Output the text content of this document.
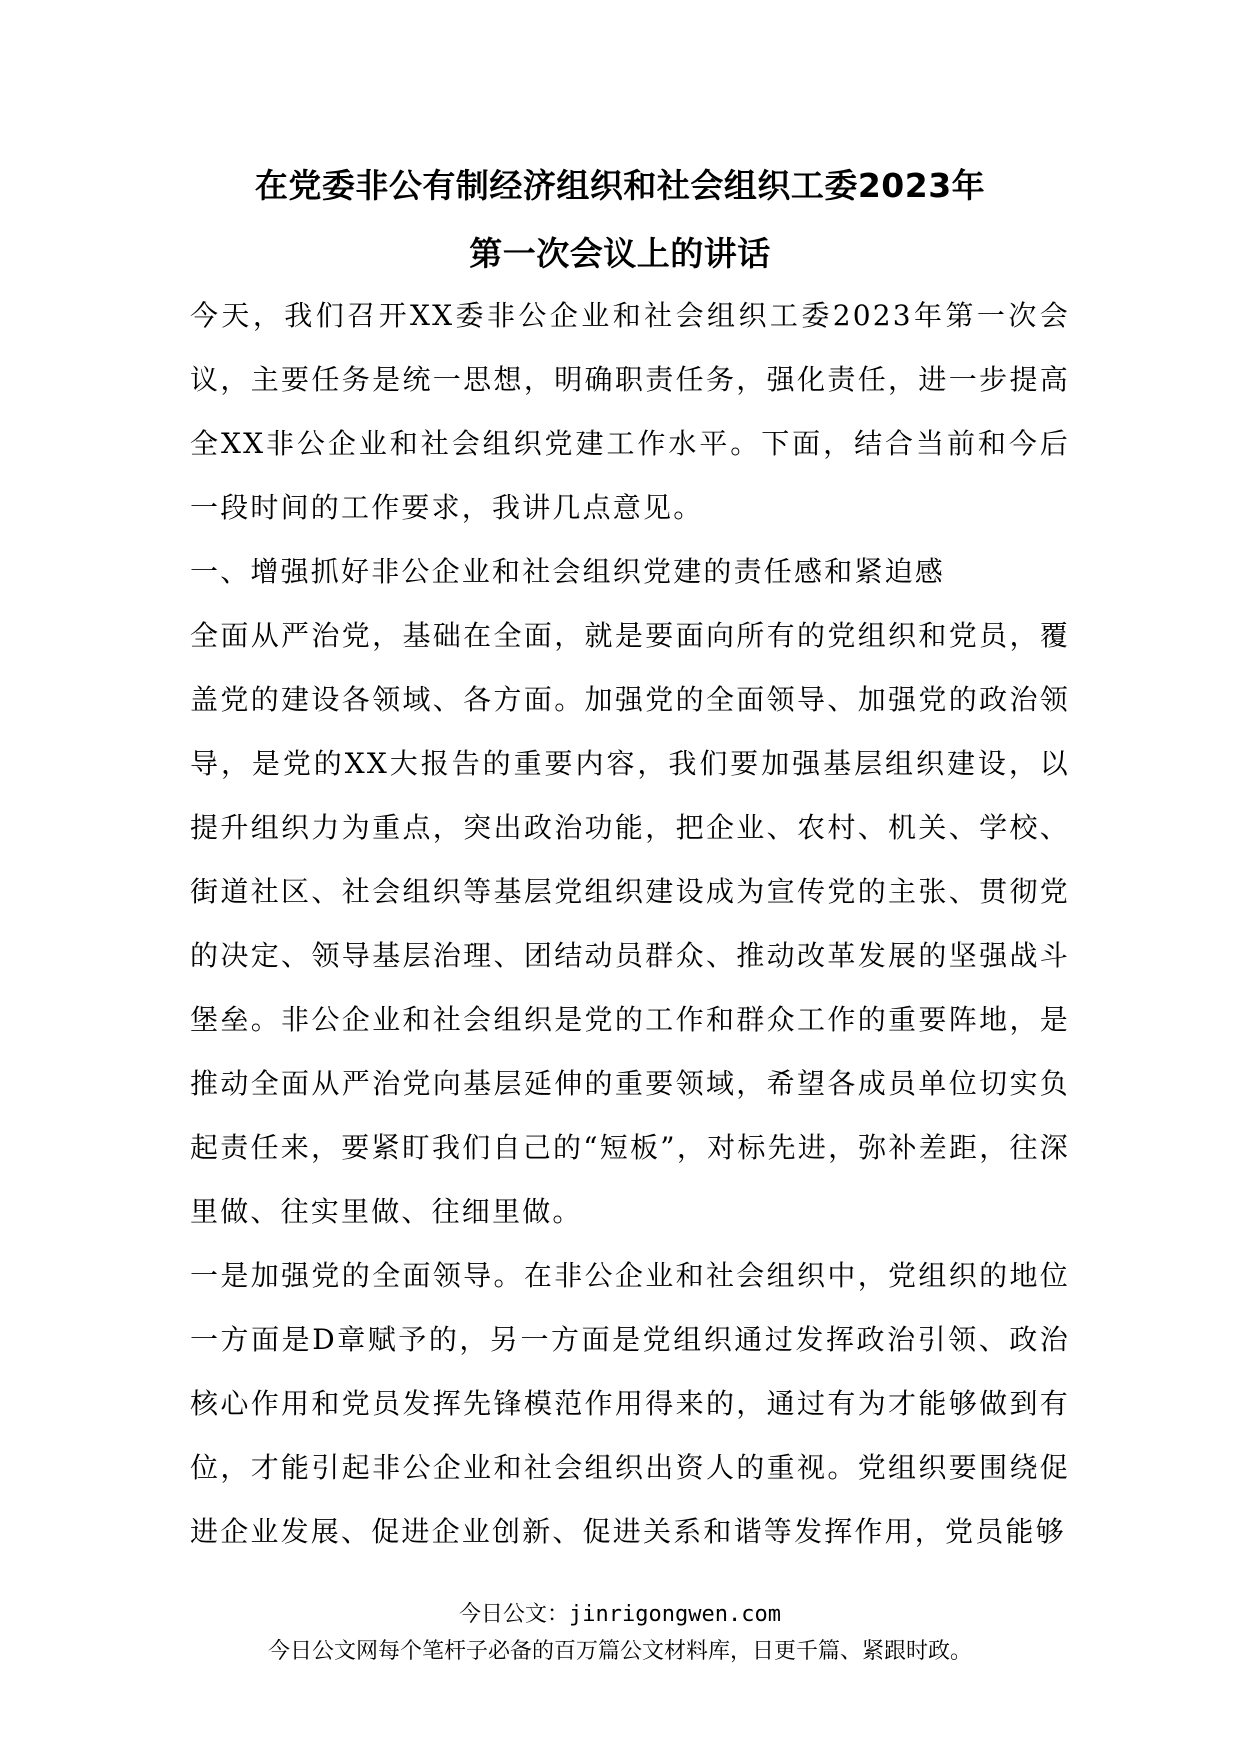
在党委非公有制经济组织和社会组织工委2023年
第一次会议上的讲话

今天，我们召开XX委非公企业和社会组织工委2023年第一次会议，主要任务是统一思想，明确职责任务，强化责任，进一步提高全XX非公企业和社会组织党建工作水平。下面，结合当前和今后一段时间的工作要求，我讲几点意见。

一、增强抓好非公企业和社会组织党建的责任感和紧迫感

全面从严治党，基础在全面，就是要面向所有的党组织和党员，覆盖党的建设各领域、各方面。加强党的全面领导、加强党的政治领导，是党的XX大报告的重要内容，我们要加强基层组织建设，以提升组织力为重点，突出政治功能，把企业、农村、机关、学校、街道社区、社会组织等基层党组织建设成为宣传党的主张、贯彻党的决定、领导基层治理、团结动员群众、推动改革发展的坚强战斗堡垒。非公企业和社会组织是党的工作和群众工作的重要阵地，是推动全面从严治党向基层延伸的重要领域，希望各成员单位切实负起责任来，要紧盯我们自己的“短板”，对标先进，弥补差距，往深里做、往实里做、往细里做。

一是加强党的全面领导。在非公企业和社会组织中，党组织的地位一方面是D章赋予的，另一方面是党组织通过发挥政治引领、政治核心作用和党员发挥先锋模范作用得来的，通过有为才能够做到有位，才能引起非公企业和社会组织出资人的重视。党组织要围绕促进企业发展、促进企业创新、促进关系和谐等发挥作用，党员能够

今日公文：jinrigongwen.com
今日公文网每个笔杆子必备的百万篇公文材料库，日更千篇、紧跟时政。
